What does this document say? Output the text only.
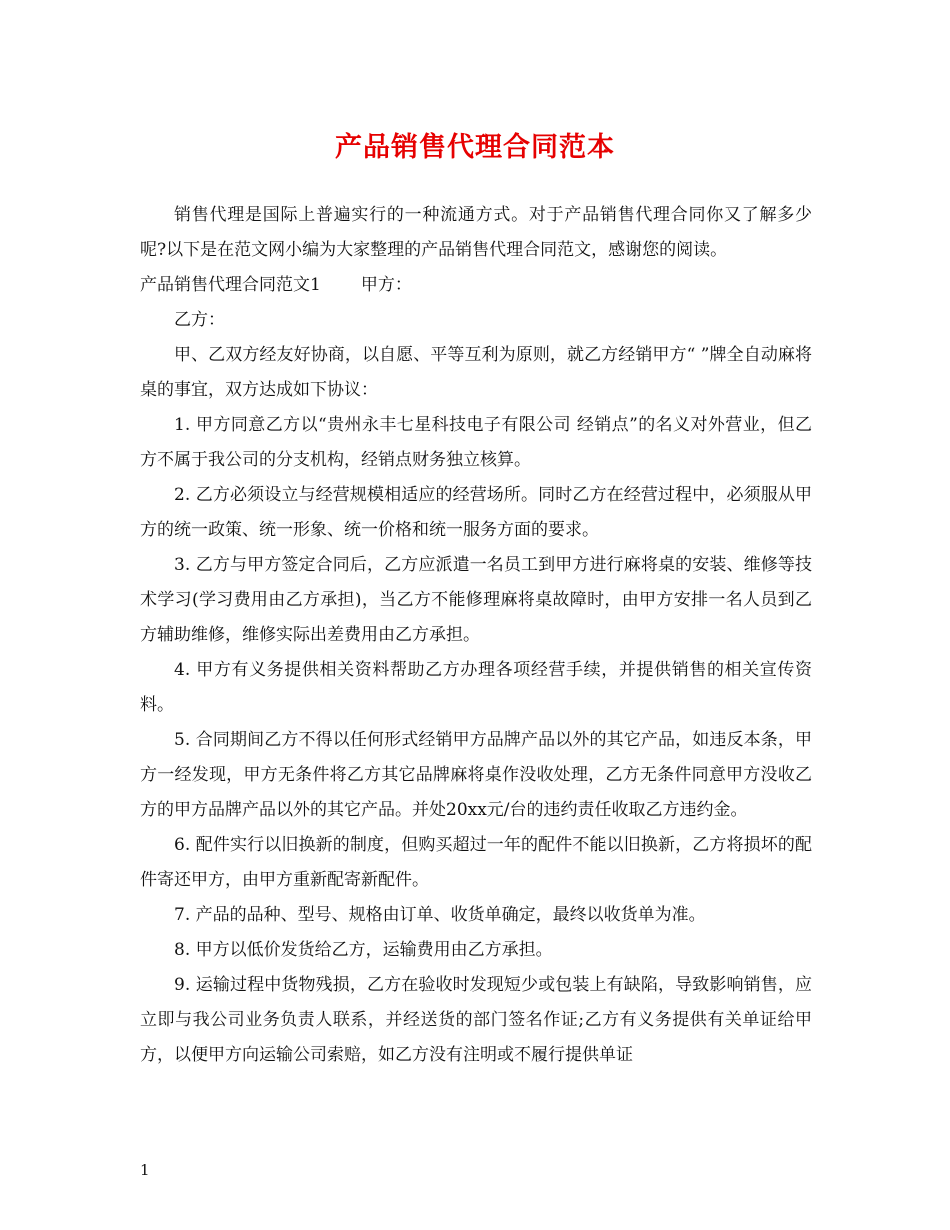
产品销售代理合同范本

销售代理是国际上普遍实行的一种流通方式。对于产品销售代理合同你又了解多少呢?以下是在范文网小编为大家整理的产品销售代理合同范文，感谢您的阅读。

产品销售代理合同范文1 甲方：

乙方：

甲、乙双方经友好协商，以自愿、平等互利为原则，就乙方经销甲方“ ”牌全自动麻将桌的事宜，双方达成如下协议：

1. 甲方同意乙方以“贵州永丰七星科技电子有限公司 经销点”的名义对外营业，但乙方不属于我公司的分支机构，经销点财务独立核算。

2. 乙方必须设立与经营规模相适应的经营场所。同时乙方在经营过程中，必须服从甲方的统一政策、统一形象、统一价格和统一服务方面的要求。

3. 乙方与甲方签定合同后，乙方应派遣一名员工到甲方进行麻将桌的安装、维修等技术学习(学习费用由乙方承担)，当乙方不能修理麻将桌故障时，由甲方安排一名人员到乙方辅助维修，维修实际出差费用由乙方承担。

4. 甲方有义务提供相关资料帮助乙方办理各项经营手续，并提供销售的相关宣传资料。

5. 合同期间乙方不得以任何形式经销甲方品牌产品以外的其它产品，如违反本条，甲方一经发现，甲方无条件将乙方其它品牌麻将桌作没收处理，乙方无条件同意甲方没收乙方的甲方品牌产品以外的其它产品。并处20xx元/台的违约责任收取乙方违约金。

6. 配件实行以旧换新的制度，但购买超过一年的配件不能以旧换新，乙方将损坏的配件寄还甲方，由甲方重新配寄新配件。

7. 产品的品种、型号、规格由订单、收货单确定，最终以收货单为准。

8. 甲方以低价发货给乙方，运输费用由乙方承担。

9. 运输过程中货物残损，乙方在验收时发现短少或包装上有缺陷，导致影响销售，应立即与我公司业务负责人联系，并经送货的部门签名作证;乙方有义务提供有关单证给甲方，以便甲方向运输公司索赔，如乙方没有注明或不履行提供单证

1
